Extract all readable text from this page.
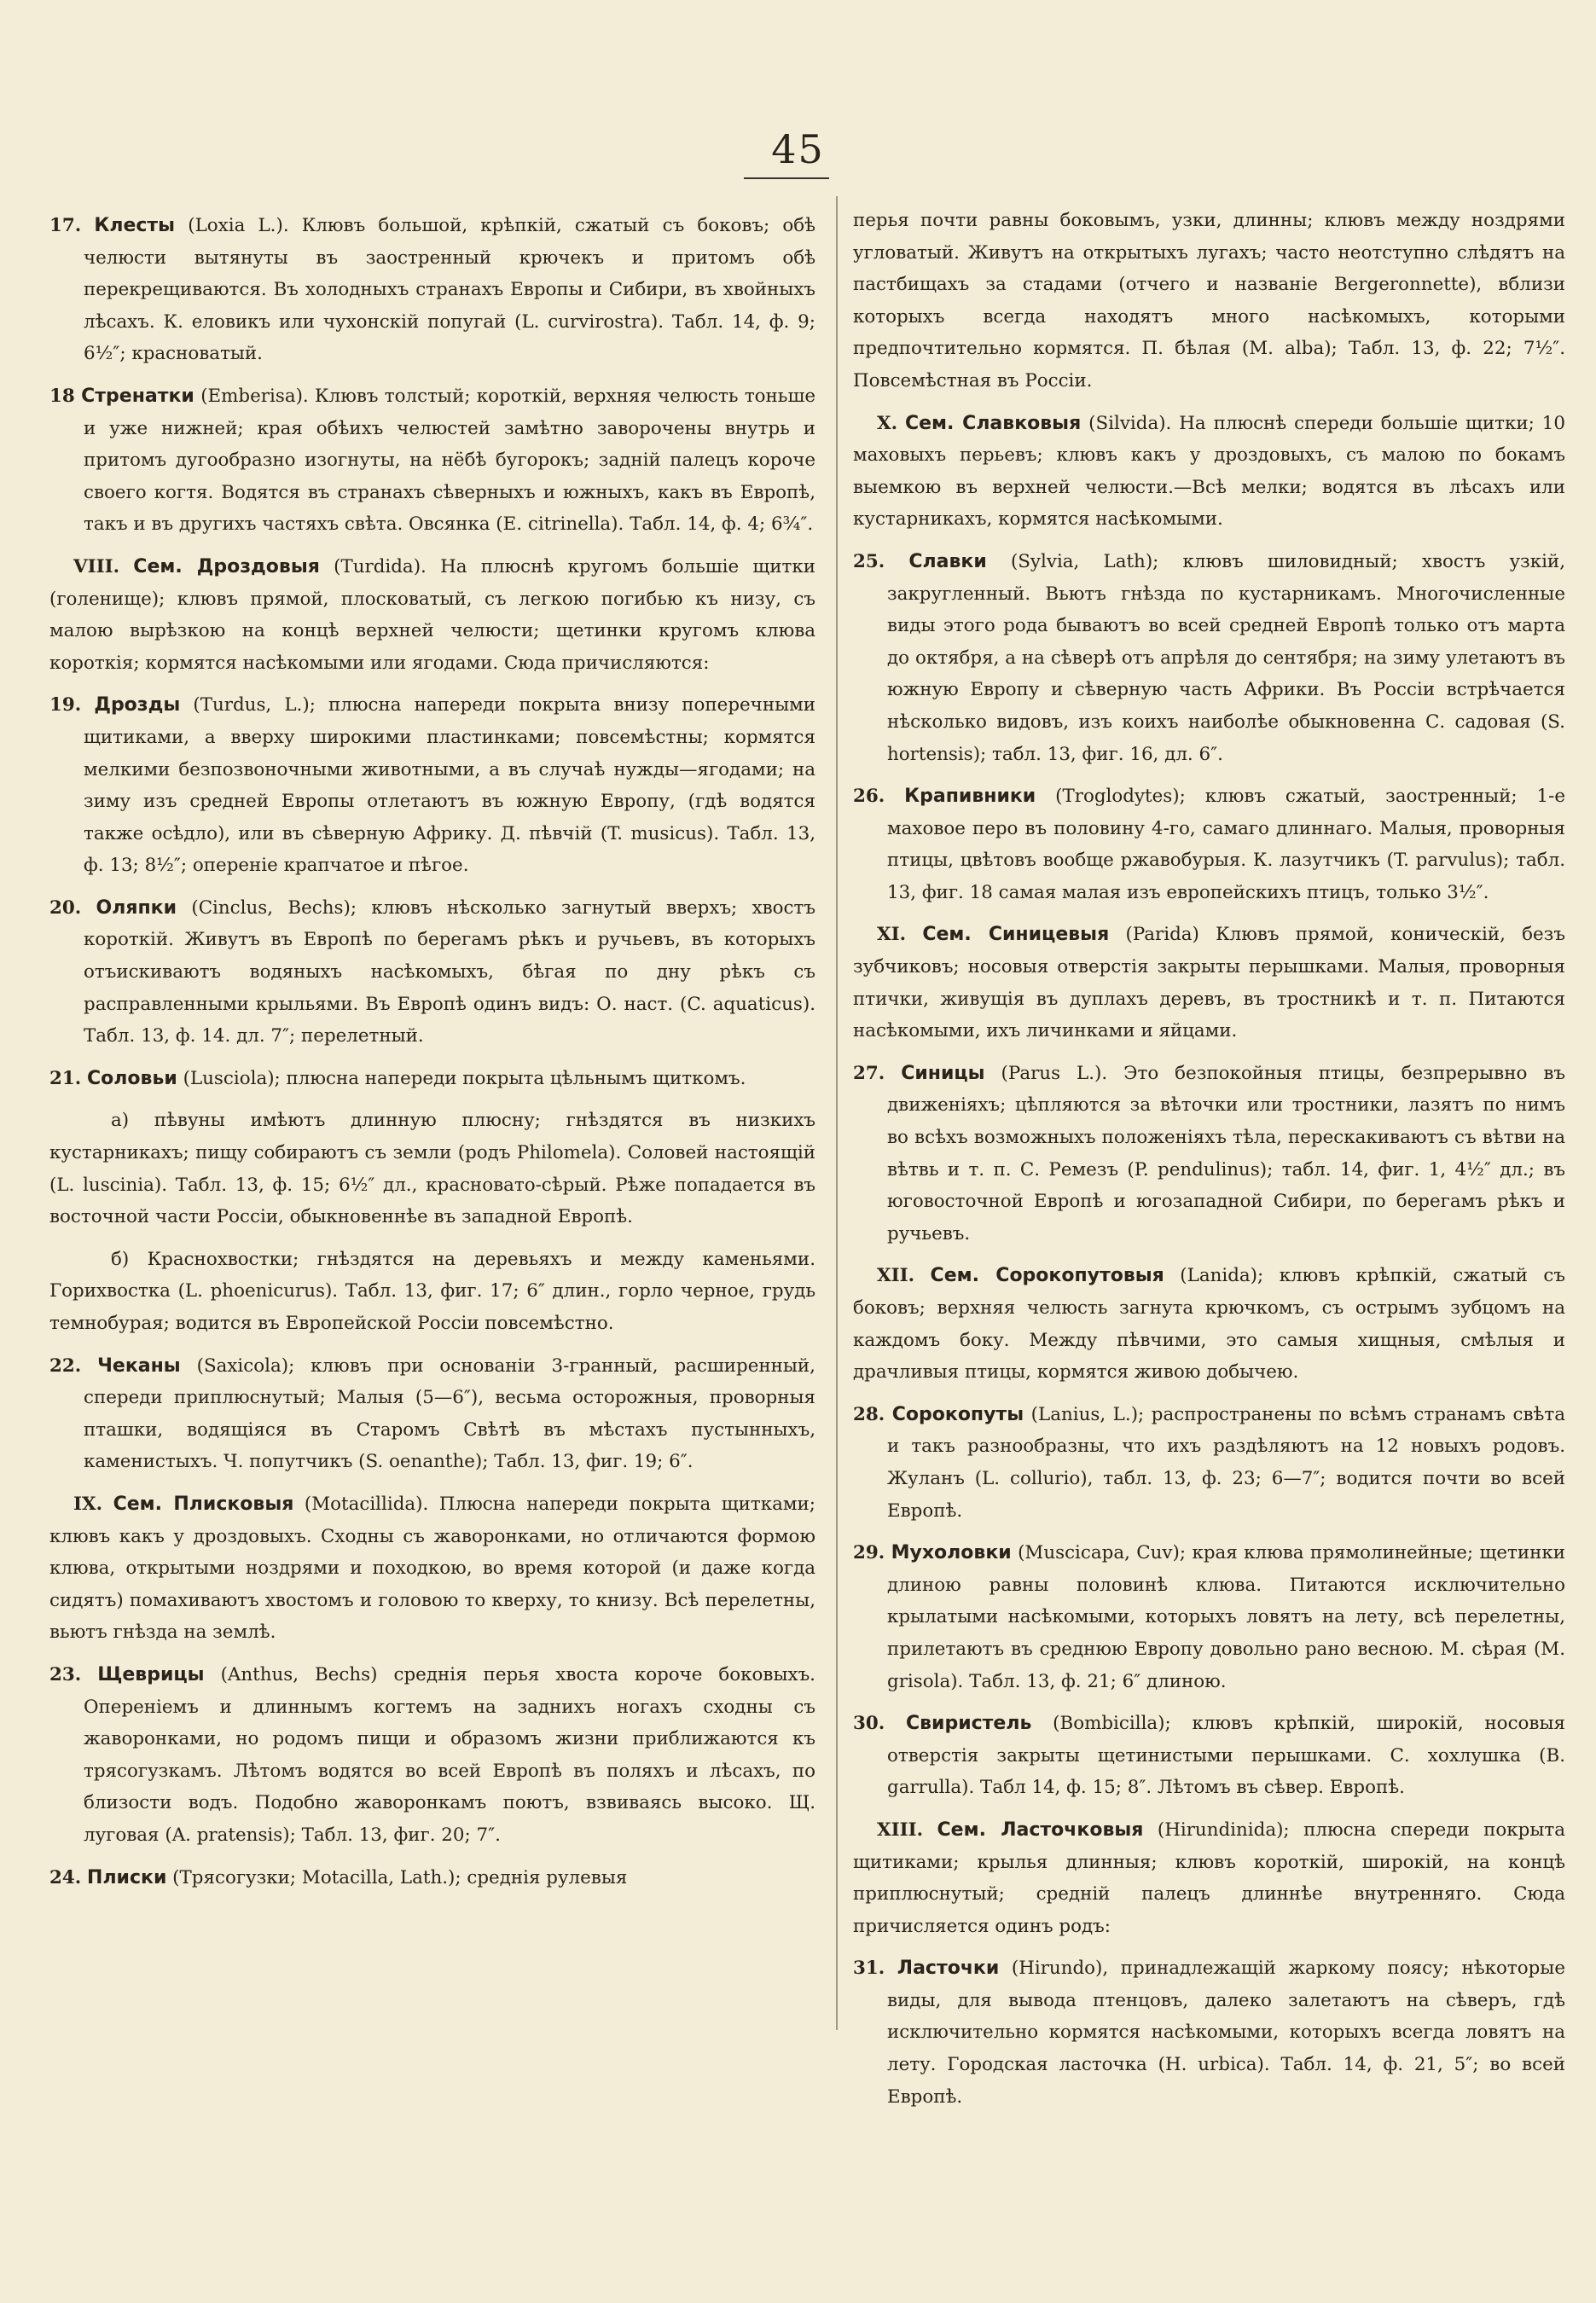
45
17. Клесты (Loxia L.). Клювъ большой, крѣпкій, сжатый съ боковъ; обѣ челюсти вытянуты въ заостренный крючекъ и притомъ обѣ перекрещиваются. Въ холодныхъ странахъ Европы и Сибири, въ хвойныхъ лѣсахъ. К. еловикъ или чухонскій попугай (L. curvirostra). Табл. 14, ф. 9; 6½″; красноватый.
18 Стренатки (Emberisa). Клювъ толстый; короткій, верхняя челюсть тоньше и уже нижней; края обѣихъ челюстей замѣтно заворочены внутрь и притомъ дугообразно изогнуты, на нёбѣ бугорокъ; задній палецъ короче своего когтя. Водятся въ странахъ сѣверныхъ и южныхъ, какъ въ Европѣ, такъ и въ другихъ частяхъ свѣта. Овсянка (E. citrinella). Табл. 14, ф. 4; 6¾″.
VIII. Сем. Дроздовыя (Turdida). На плюснѣ кругомъ большіе щитки (голенище); клювъ прямой, плосковатый, съ легкою погибью къ низу, съ малою вырѣзкою на концѣ верхней челюсти; щетинки кругомъ клюва короткія; кормятся насѣкомыми или ягодами. Сюда причисляются:
19. Дрозды (Turdus, L.); плюсна напереди покрыта внизу поперечными щитиками, а вверху широкими пластинками; повсемѣстны; кормятся мелкими безпозвоночными животными, а въ случаѣ нужды—ягодами; на зиму изъ средней Европы отлетаютъ въ южную Европу, (гдѣ водятся также осѣдло), или въ сѣверную Африку. Д. пѣвчій (T. musicus). Табл. 13, ф. 13; 8½″; опереніе крапчатое и пѣгое.
20. Оляпки (Cinclus, Bechs); клювъ нѣсколько загнутый вверхъ; хвостъ короткій. Живутъ въ Европѣ по берегамъ рѣкъ и ручьевъ, въ которыхъ отъискиваютъ водяныхъ насѣкомыхъ, бѣгая по дну рѣкъ съ расправленными крыльями. Въ Европѣ одинъ видъ: О. наст. (C. aquaticus). Табл. 13, ф. 14. дл. 7″; перелетный.
21. Соловьи (Lusciola); плюсна напереди покрыта цѣльнымъ щиткомъ.
а) пѣвуны имѣютъ длинную плюсну; гнѣздятся въ низкихъ кустарникахъ; пищу собираютъ съ земли (родъ Philomela). Соловей настоящій (L. luscinia). Табл. 13, ф. 15; 6½″ дл., красновато-сѣрый. Рѣже попадается въ восточной части Россіи, обыкновеннѣе въ западной Европѣ.
б) Краснохвостки; гнѣздятся на деревьяхъ и между каменьями. Горихвостка (L. phoenicurus). Табл. 13, фиг. 17; 6″ длин., горло черное, грудь темнобурая; водится въ Европейской Россіи повсемѣстно.
22. Чеканы (Saxicola); клювъ при основаніи 3-гранный, расширенный, спереди приплюснутый; Малыя (5—6″), весьма осторожныя, проворныя пташки, водящіяся въ Старомъ Свѣтѣ въ мѣстахъ пустынныхъ, каменистыхъ. Ч. попутчикъ (S. oenanthe); Табл. 13, фиг. 19; 6″.
IX. Сем. Плисковыя (Motacillida). Плюсна напереди покрыта щитками; клювъ какъ у дроздовыхъ. Сходны съ жаворонками, но отличаются формою клюва, открытыми ноздрями и походкою, во время которой (и даже когда сидятъ) помахиваютъ хвостомъ и головою то кверху, то книзу. Всѣ перелетны, вьютъ гнѣзда на землѣ.
23. Щеврицы (Anthus, Bechs) среднія перья хвоста короче боковыхъ. Опереніемъ и длиннымъ когтемъ на заднихъ ногахъ сходны съ жаворонками, но родомъ пищи и образомъ жизни приближаются къ трясогузкамъ. Лѣтомъ водятся во всей Европѣ въ поляхъ и лѣсахъ, по близости водъ. Подобно жаворонкамъ поютъ, взвиваясь высоко. Щ. луговая (A. pratensis); Табл. 13, фиг. 20; 7″.
24. Плиски (Трясогузки; Motacilla, Lath.); среднія рулевыя
перья почти равны боковымъ, узки, длинны; клювъ между ноздрями угловатый. Живутъ на открытыхъ лугахъ; часто неотступно слѣдятъ на пастбищахъ за стадами (отчего и названіе Bergeronnette), вблизи которыхъ всегда находятъ много насѣкомыхъ, которыми предпочтительно кормятся. П. бѣлая (M. alba); Табл. 13, ф. 22; 7½″. Повсемѣстная въ Россіи.
X. Сем. Славковыя (Silvida). На плюснѣ спереди большіе щитки; 10 маховыхъ перьевъ; клювъ какъ у дроздовыхъ, съ малою по бокамъ выемкою въ верхней челюсти.—Всѣ мелки; водятся въ лѣсахъ или кустарникахъ, кормятся насѣкомыми.
25. Славки (Sylvia, Lath); клювъ шиловидный; хвостъ узкій, закругленный. Вьютъ гнѣзда по кустарникамъ. Многочисленные виды этого рода бываютъ во всей средней Европѣ только отъ марта до октября, а на сѣверѣ отъ апрѣля до сентября; на зиму улетаютъ въ южную Европу и сѣверную часть Африки. Въ Россіи встрѣчается нѣсколько видовъ, изъ коихъ наиболѣе обыкновенна С. садовая (S. hortensis); табл. 13, фиг. 16, дл. 6″.
26. Крапивники (Troglodytes); клювъ сжатый, заостренный; 1-е маховое перо въ половину 4-го, самаго длиннаго. Малыя, проворныя птицы, цвѣтовъ вообще ржавобурыя. К. лазутчикъ (T. parvulus); табл. 13, фиг. 18 самая малая изъ европейскихъ птицъ, только 3½″.
XI. Сем. Синицевыя (Parida) Клювъ прямой, коническій, безъ зубчиковъ; носовыя отверстія закрыты перышками. Малыя, проворныя птички, живущія въ дуплахъ деревъ, въ тростникѣ и т. п. Питаются насѣкомыми, ихъ личинками и яйцами.
27. Синицы (Parus L.). Это безпокойныя птицы, безпрерывно въ движеніяхъ; цѣпляются за вѣточки или тростники, лазятъ по нимъ во всѣхъ возможныхъ положеніяхъ тѣла, перескакиваютъ съ вѣтви на вѣтвь и т. п. С. Ремезъ (P. pendulinus); табл. 14, фиг. 1, 4½″ дл.; въ юговосточной Европѣ и югозападной Сибири, по берегамъ рѣкъ и ручьевъ.
XII. Сем. Сорокопутовыя (Lanida); клювъ крѣпкій, сжатый съ боковъ; верхняя челюсть загнута крючкомъ, съ острымъ зубцомъ на каждомъ боку. Между пѣвчими, это самыя хищныя, смѣлыя и драчливыя птицы, кормятся живою добычею.
28. Сорокопуты (Lanius, L.); распространены по всѣмъ странамъ свѣта и такъ разнообразны, что ихъ раздѣляютъ на 12 новыхъ родовъ. Жуланъ (L. collurio), табл. 13, ф. 23; 6—7″; водится почти во всей Европѣ.
29. Мухоловки (Muscicapa, Cuv); края клюва прямолинейные; щетинки длиною равны половинѣ клюва. Питаются исключительно крылатыми насѣкомыми, которыхъ ловятъ на лету, всѣ перелетны, прилетаютъ въ среднюю Европу довольно рано весною. М. сѣрая (M. grisola). Табл. 13, ф. 21; 6″ длиною.
30. Свиристель (Bombicilla); клювъ крѣпкій, широкій, носовыя отверстія закрыты щетинистыми перышками. С. хохлушка (B. garrulla). Табл 14, ф. 15; 8″. Лѣтомъ въ сѣвер. Европѣ.
XIII. Сем. Ласточковыя (Hirundinida); плюсна спереди покрыта щитиками; крылья длинныя; клювъ короткій, широкій, на концѣ приплюснутый; средній палецъ длиннѣе внутренняго. Сюда причисляется одинъ родъ:
31. Ласточки (Hirundo), принадлежащій жаркому поясу; нѣкоторые виды, для вывода птенцовъ, далеко залетаютъ на сѣверъ, гдѣ исключительно кормятся насѣкомыми, которыхъ всегда ловятъ на лету. Городская ласточка (H. urbica). Табл. 14, ф. 21, 5″; во всей Европѣ.
